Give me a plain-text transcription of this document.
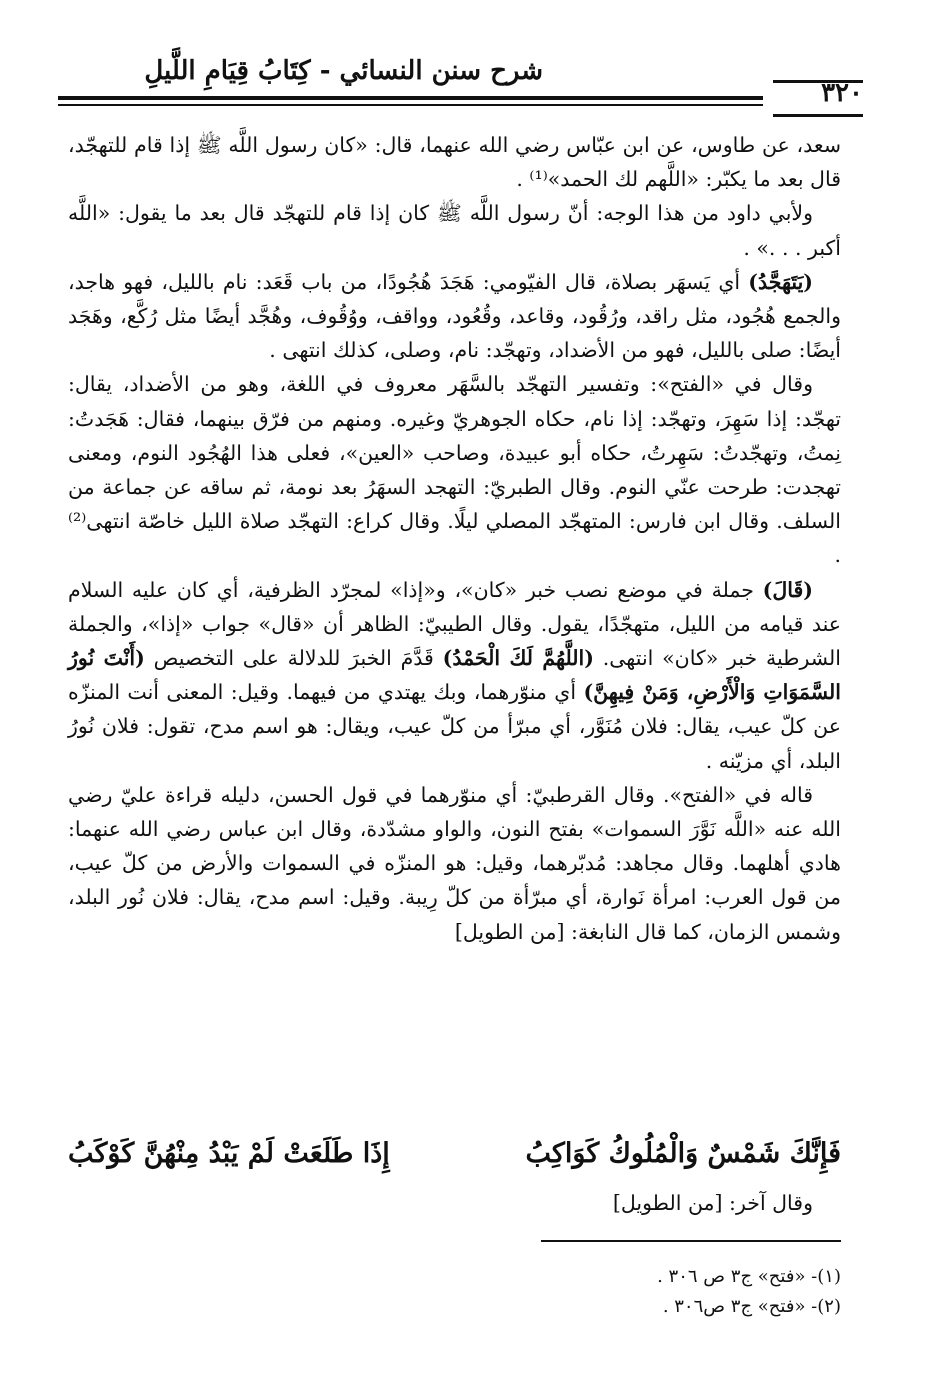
شرح سنن النسائي - كِتَابُ قِيَامِ اللَّيلِ
٣٢٠

سعد، عن طاوس، عن ابن عبّاس رضي الله عنهما، قال: «كان رسول اللَّه ﷺ إذا قام للتهجّد، قال بعد ما يكبّر: «اللَّهم لك الحمد»⁽¹⁾ .

ولأبي داود من هذا الوجه: أنّ رسول اللَّه ﷺ كان إذا قام للتهجّد قال بعد ما يقول: «اللَّه أكبر . . .» .

(يَتَهَجَّدُ) أي يَسهَر بصلاة، قال الفيّومي: هَجَدَ هُجُودًا، من باب قَعَد: نام بالليل، فهو هاجد، والجمع هُجُود، مثل راقد، ورُقُود، وقاعد، وقُعُود، وواقف، ووُقُوف، وهُجَّد أيضًا مثل رُكَّع، وهَجَد أيضًا: صلى بالليل، فهو من الأضداد، وتهجّد: نام، وصلى، كذلك انتهى .

وقال في «الفتح»: وتفسير التهجّد بالسَّهَر معروف في اللغة، وهو من الأضداد، يقال: تهجّد: إذا سَهِرَ، وتهجّد: إذا نام، حكاه الجوهريّ وغيره. ومنهم من فرّق بينهما، فقال: هَجَدتُ: نِمتُ، وتهجّدتُ: سَهِرتُ، حكاه أبو عبيدة، وصاحب «العين»، فعلى هذا الهُجُود النوم، ومعنى تهجدت: طرحت عنّي النوم. وقال الطبريّ: التهجد السهَرُ بعد نومة، ثم ساقه عن جماعة من السلف. وقال ابن فارس: المتهجّد المصلي ليلًا. وقال كراع: التهجّد صلاة الليل خاصّة انتهى⁽²⁾ .

(قَالَ) جملة في موضع نصب خبر «كان»، و«إذا» لمجرّد الظرفية، أي كان عليه السلام عند قيامه من الليل، متهجّدًا، يقول. وقال الطيبيّ: الظاهر أن «قال» جواب «إذا»، والجملة الشرطية خبر «كان» انتهى. (اللَّهُمَّ لَكَ الْحَمْدُ) قَدَّمَ الخبرَ للدلالة على التخصيص (أَنْتَ نُورُ السَّمَوَاتِ وَالْأَرْضِ، وَمَنْ فِيهِنَّ) أي منوّرهما، وبك يهتدي من فيهما. وقيل: المعنى أنت المنزّه عن كلّ عيب، يقال: فلان مُنَوَّر، أي مبرّأ من كلّ عيب، ويقال: هو اسم مدح، تقول: فلان نُورُ البلد، أي مزيّنه .

قاله في «الفتح». وقال القرطبيّ: أي منوّرهما في قول الحسن، دليله قراءة عليّ رضي الله عنه «اللَّه نَوَّرَ السموات» بفتح النون، والواو مشدّدة، وقال ابن عباس رضي الله عنهما: هادي أهلهما. وقال مجاهد: مُدبّرهما، وقيل: هو المنزّه في السموات والأرض من كلّ عيب، من قول العرب: امرأة نَوارة، أي مبرّأة من كلّ رِيبة. وقيل: اسم مدح، يقال: فلان نُور البلد، وشمس الزمان، كما قال النابغة: [من الطويل]

فَإِنَّكَ شَمْسٌ وَالْمُلُوكُ كَوَاكِبُ
إِذَا طَلَعَتْ لَمْ يَبْدُ مِنْهُنَّ كَوْكَبُ
وقال آخر: [من الطويل]
(١)- «فتح» ج٣ ص ٣٠٦ .
(٢)- «فتح» ج٣ ص٣٠٦ .
